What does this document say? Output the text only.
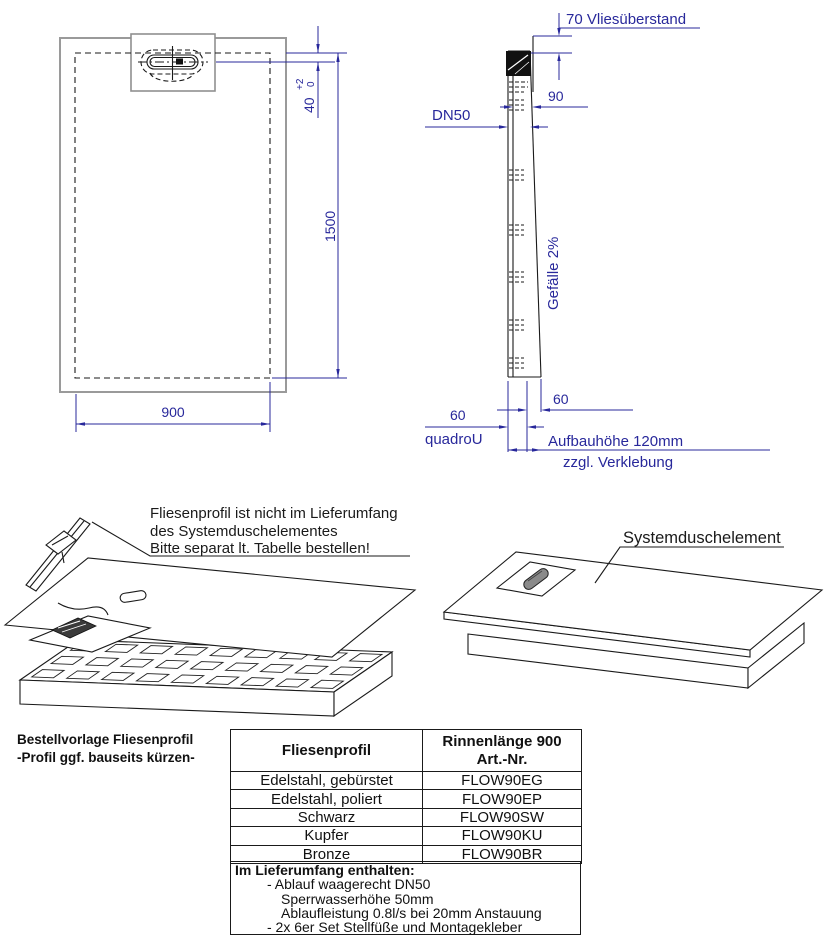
40
+2 0
1500
900
70 Vliesüberstand
90
DN50
Gefälle 2%
60
60
quadroU	Aufbauhöhe 120mm
zzgl. Verklebung
Fliesenprofil ist nicht im Lieferumfang
des Systemduschelementes
Bitte separat lt. Tabelle bestellen!
Systemduschelement
Bestellvorlage Fliesenprofil
-Profil ggf. bauseits kürzen-	Fliesenprofil	Rinnenlänge 900
Art.-Nr.

Edelstahl, gebürstet	FLOW90EG
Edelstahl, poliert	FLOW90EP
Schwarz	FLOW90SW
Kupfer	FLOW90KU
Bronze	FLOW90BR
Im Lieferumfang enthalten:
- Ablauf waagerecht DN50
Sperrwasserhöhe 50mm
Ablaufleistung 0.8l/s bei 20mm Anstauung
- 2x 6er Set Stellfüße und Montagekleber
